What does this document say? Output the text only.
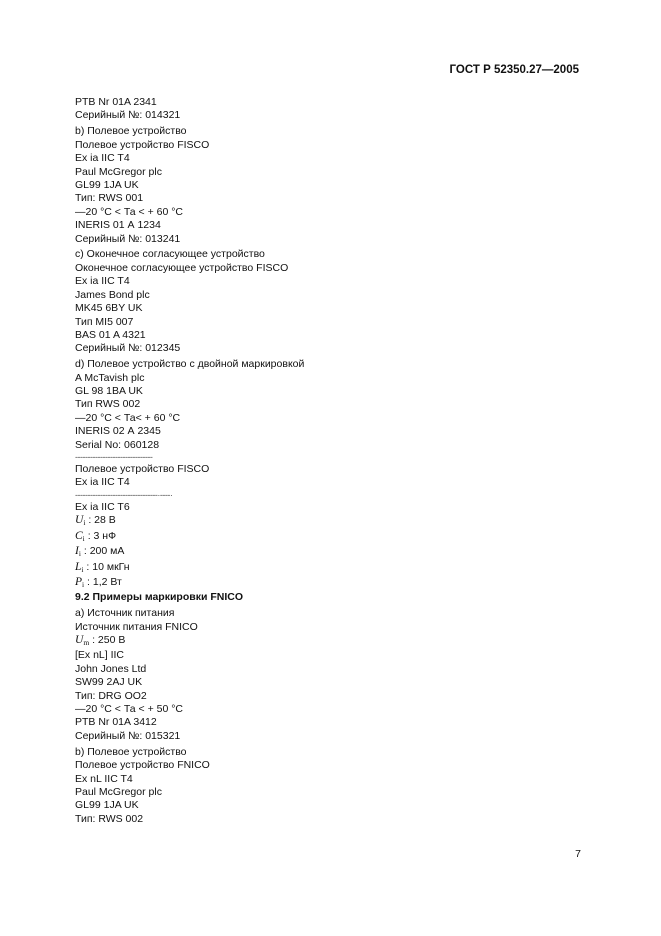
ГОСТ Р 52350.27—2005
PTB Nr 01A 2341
Серийный №: 014321
b) Полевое устройство
Полевое устройство FISCO
Ex ia IIC T4
Paul McGregor plc
GL99 1JA UK
Тип: RWS 001
—20 °С < Та < + 60 °С
INERIS 01 А 1234
Серийный №: 013241
c) Оконечное согласующее устройство
Оконечное согласующее устройство FISCO
Ex ia IIC T4
James Bond plc
MK45 6BY UK
Тип MI5 007
BAS 01 A 4321
Серийный №: 012345
d) Полевое устройство с двойной маркировкой
A McTavish plc
GL 98 1BA UK
Тип RWS 002
—20 °С < Та< + 60 °С
INERIS 02 А 2345
Serial No: 060128
-------------------------------
Полевое устройство FISCO
Ex ia IIC T4
---------------------------------·----·
Ex ia IIC T6
$U_i$ : 28 В
$C_i$ : 3 нФ
$I_i$ : 200 мА
$L_i$ : 10 мкГн
$P_i$ : 1,2 Вт
9.2 Примеры маркировки FNICO
а) Источник питания
Источник питания FNICO
$U_m$ : 250 В
[Ex nL] IIC
John Jones Ltd
SW99 2AJ UK
Тип: DRG OO2
—20 °С < Та < + 50 °С
PTB Nr 01A 3412
Серийный №: 015321
b) Полевое устройство
Полевое устройство FNICO
Ex nL IIC T4
Paul McGregor plc
GL99 1JA UK
Тип: RWS 002
7
